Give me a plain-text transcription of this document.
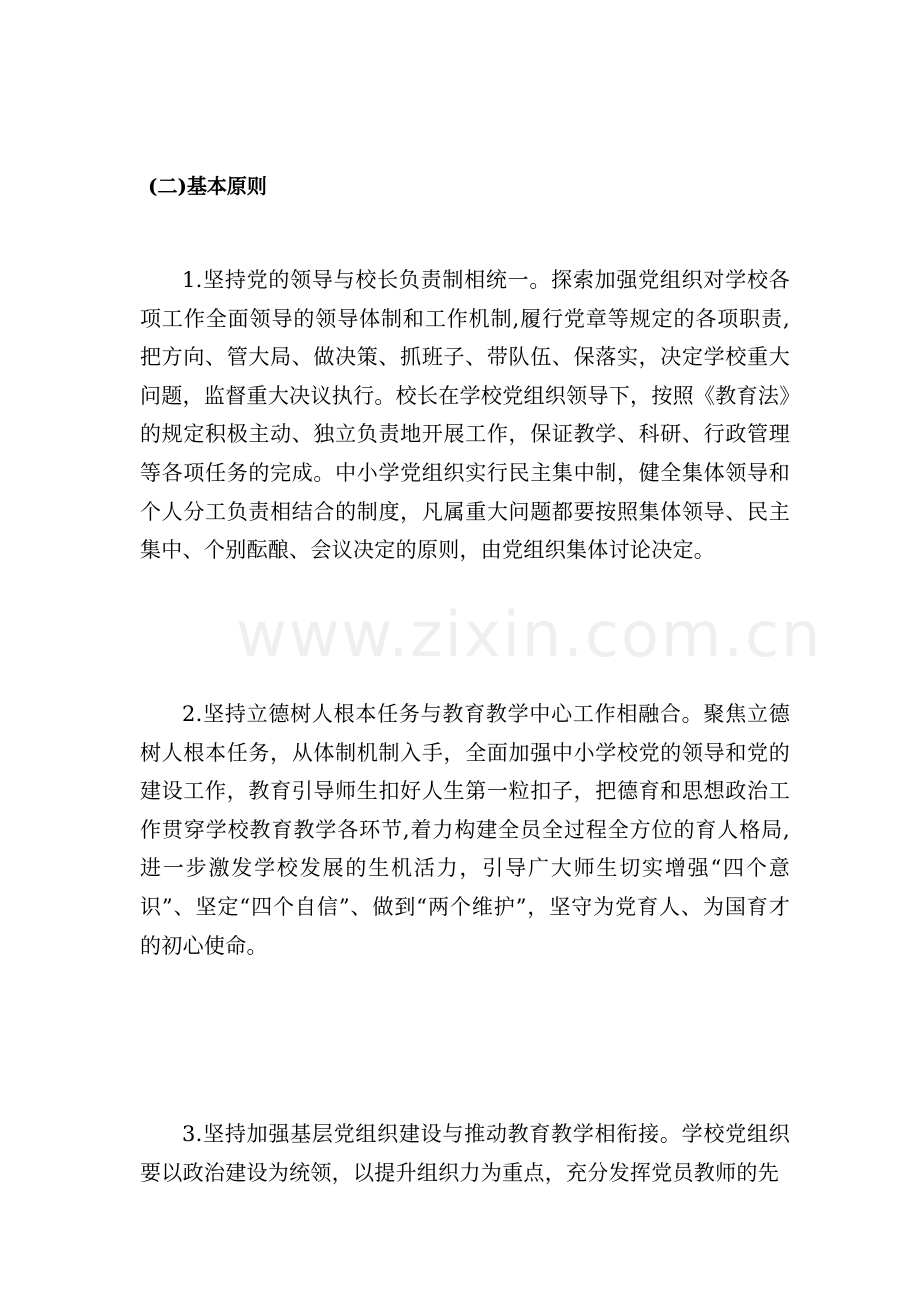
(二)基本原则

1.坚持党的领导与校长负责制相统一。探索加强党组织对学校各项工作全面领导的领导体制和工作机制,履行党章等规定的各项职责,把方向、管大局、做决策、抓班子、带队伍、保落实，决定学校重大问题，监督重大决议执行。校长在学校党组织领导下，按照《教育法》的规定积极主动、独立负责地开展工作，保证教学、科研、行政管理等各项任务的完成。中小学党组织实行民主集中制，健全集体领导和个人分工负责相结合的制度，凡属重大问题都要按照集体领导、民主集中、个别酝酿、会议决定的原则，由党组织集体讨论决定。

2.坚持立德树人根本任务与教育教学中心工作相融合。聚焦立德树人根本任务，从体制机制入手，全面加强中小学校党的领导和党的建设工作，教育引导师生扣好人生第一粒扣子，把德育和思想政治工作贯穿学校教育教学各环节,着力构建全员全过程全方位的育人格局,进一步激发学校发展的生机活力，引导广大师生切实增强“四个意识”、坚定“四个自信”、做到“两个维护”，坚守为党育人、为国育才的初心使命。

3.坚持加强基层党组织建设与推动教育教学相衔接。学校党组织要以政治建设为统领，以提升组织力为重点，充分发挥党员教师的先

www.zixin.com.cn
